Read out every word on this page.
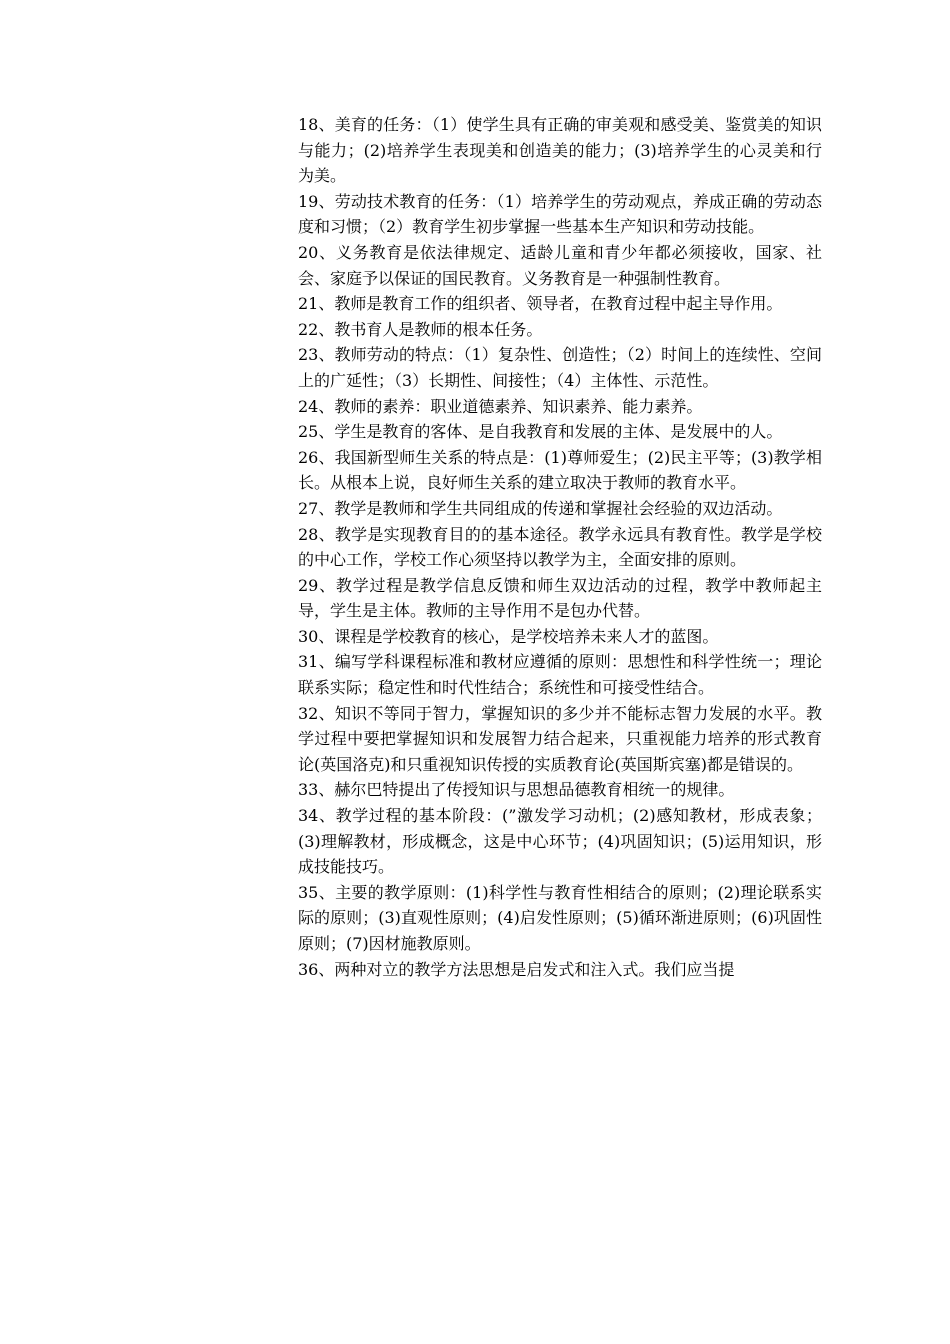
18、美育的任务：（1）使学生具有正确的审美观和感受美、鉴赏美的知识与能力；(2)培养学生表现美和创造美的能力；(3)培养学生的心灵美和行为美。

19、劳动技术教育的任务：（1）培养学生的劳动观点，养成正确的劳动态度和习惯；（2）教育学生初步掌握一些基本生产知识和劳动技能。

20、义务教育是依法律规定、适龄儿童和青少年都必须接收，国家、社会、家庭予以保证的国民教育。义务教育是一种强制性教育。

21、教师是教育工作的组织者、领导者，在教育过程中起主导作用。

22、教书育人是教师的根本任务。

23、教师劳动的特点：（1）复杂性、创造性；（2）时间上的连续性、空间上的广延性；（3）长期性、间接性；（4）主体性、示范性。

24、教师的素养：职业道德素养、知识素养、能力素养。

25、学生是教育的客体、是自我教育和发展的主体、是发展中的人。

26、我国新型师生关系的特点是：(1)尊师爱生；(2)民主平等；(3)教学相长。从根本上说，良好师生关系的建立取决于教师的教育水平。

27、教学是教师和学生共同组成的传递和掌握社会经验的双边活动。

28、教学是实现教育目的的基本途径。教学永远具有教育性。教学是学校的中心工作，学校工作心须坚持以教学为主，全面安排的原则。

29、教学过程是教学信息反馈和师生双边活动的过程，教学中教师起主导，学生是主体。教师的主导作用不是包办代替。

30、课程是学校教育的核心，是学校培养未来人才的蓝图。

31、编写学科课程标准和教材应遵循的原则：思想性和科学性统一；理论联系实际；稳定性和时代性结合；系统性和可接受性结合。

32、知识不等同于智力，掌握知识的多少并不能标志智力发展的水平。教学过程中要把掌握知识和发展智力结合起来，只重视能力培养的形式教育论(英国洛克)和只重视知识传授的实质教育论(英国斯宾塞)都是错误的。

33、赫尔巴特提出了传授知识与思想品德教育相统一的规律。

34、教学过程的基本阶段：(”激发学习动机；(2)感知教材，形成表象；(3)理解教材，形成概念，这是中心环节；(4)巩固知识；(5)运用知识，形成技能技巧。

35、主要的教学原则：(1)科学性与教育性相结合的原则；(2)理论联系实际的原则；(3)直观性原则；(4)启发性原则；(5)循环渐进原则；(6)巩固性原则；(7)因材施教原则。

36、两种对立的教学方法思想是启发式和注入式。我们应当提
